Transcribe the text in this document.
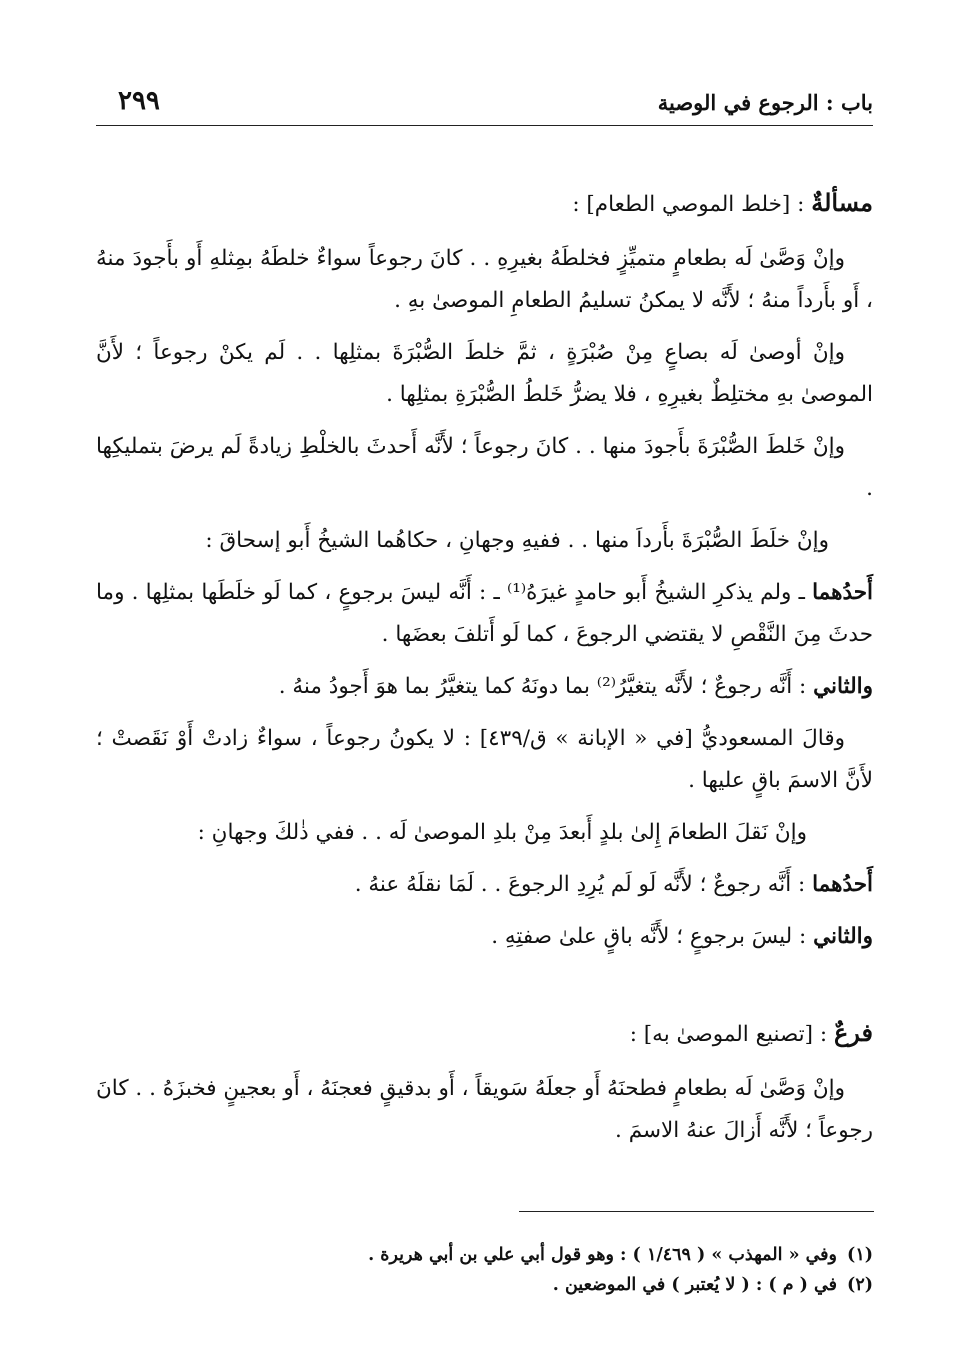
باب : الرجوع في الوصية
٢٩٩

مسألةٌ : [خلط الموصي الطعام] :

وإنْ وَصَّىٰ لَه بطعامٍ متميِّزٍ فخلطَهُ بغيرِهِ . . كانَ رجوعاً سواءٌ خلطَهُ بمِثلهِ أَو بأَجودَ منهُ ، أَو بأَرداً منهُ ؛ لأَنَّه لا يمكنُ تسليمُ الطعامِ الموصىٰ بهِ .

وإنْ أوصىٰ لَه بصاعٍ مِنْ صُبْرَةٍ ، ثمَّ خلطَ الصُّبْرَةَ بمثلِها . . لَم يكنْ رجوعاً ؛ لأَنَّ الموصىٰ بهِ مختلِطٌ بغيرِهِ ، فلا يضرُّ خَلطُ الصُّبْرَةِ بمثلِها .

وإنْ خَلطَ الصُّبْرَةَ بأَجودَ منها . . كانَ رجوعاً ؛ لأَنَّه أَحدثَ بالخلْطِ زيادةً لَم يرضَ بتمليكِها .

وإنْ خلَطَ الصُّبْرَةَ بأَرداَ منها . . ففيهِ وجهانِ ، حكاهُما الشيخُ أَبو إسحاقَ :

أَحدُهما ـ ولم يذكرِ الشيخُ أَبو حامدٍ غيرَهُ⁽¹⁾ ـ : أَنَّه ليسَ برجوعٍ ، كما لَو خلَطَها بمثلِها . وما حدثَ مِنَ النَّقْصِ لا يقتضي الرجوعَ ، كما لَو أَتلفَ بعضَها .

والثاني : أَنَّه رجوعٌ ؛ لأَنَّه يتغيَّرُ⁽²⁾ بما دونَهُ كما يتغيَّرُ بما هوَ أَجودُ منهُ .

وقالَ المسعوديُّ [في « الإبانة » ق/٤٣٩] : لا يكونُ رجوعاً ، سواءٌ زادتْ أَوْ نَقَصتْ ؛ لأَنَّ الاسمَ باقٍ عليها .

وإنْ نَقلَ الطعامَ إِلىٰ بلدٍ أَبعدَ مِنْ بلدِ الموصىٰ لَه . . ففي ذٰلكَ وجهانِ :

أَحدُهما : أَنَّه رجوعٌ ؛ لأَنَّه لَو لَم يُرِدِ الرجوعَ . . لَمَا نقلَهُ عنهُ .

والثاني : ليسَ برجوعٍ ؛ لأَنَّه باقٍ علىٰ صفتِهِ .

فرعٌ : [تصنيع الموصىٰ به] :

وإنْ وَصَّىٰ لَه بطعامٍ فطحنَهُ أَو جعلَهُ سَويقاً ، أَو بدقيقٍ فعجنَهُ ، أَو بعجينٍ فخبزَهُ . . كانَ رجوعاً ؛ لأَنَّه أَزالَ عنهُ الاسمَ .

(١)وفي « المهذب » ( ١/٤٦٩ ) : وهو قول أبي علي بن أبي هريرة .

(٢)في ( م ) : ( لا يُعتبر ) في الموضعين .
